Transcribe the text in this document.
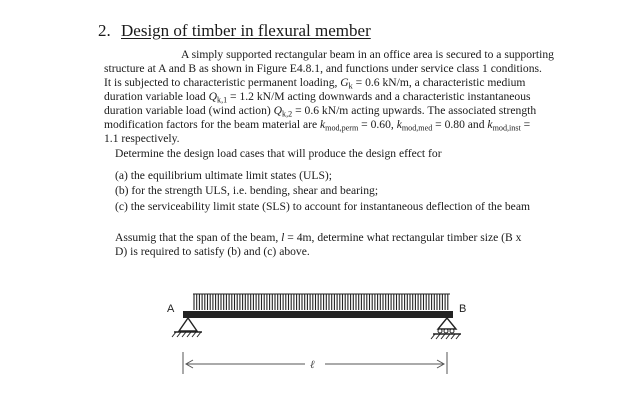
2. Design of timber in flexural member
A simply supported rectangular beam in an office area is secured to a supporting
structure at A and B as shown in Figure E4.8.1, and functions under service class 1 conditions.
It is subjected to characteristic permanent loading, $G_k = 0.6$ kN/m, a characteristic medium
duration variable load $Q_{k,1} = 1.2$ kN/M acting downwards and a characteristic instantaneous
duration variable load (wind action) $Q_{k,2} = 0.6$ kN/m acting upwards. The associated strength
modification factors for the beam material are $k_{mod,perm} = 0.60$, $k_{mod,med} = 0.80$ and $k_{mod,inst}$ =
1.1 respectively.
Determine the design load cases that will produce the design effect for
(a) the equilibrium ultimate limit states (ULS);
(b) for the strength ULS, i.e. bending, shear and bearing;
(c) the serviceability limit state (SLS) to account for instantaneous deflection of the beam
Assumig that the span of the beam, l = 4m, determine what rectangular timber size (B x
D) is required to satisfy (b) and (c) above.
A	B
ℓ
